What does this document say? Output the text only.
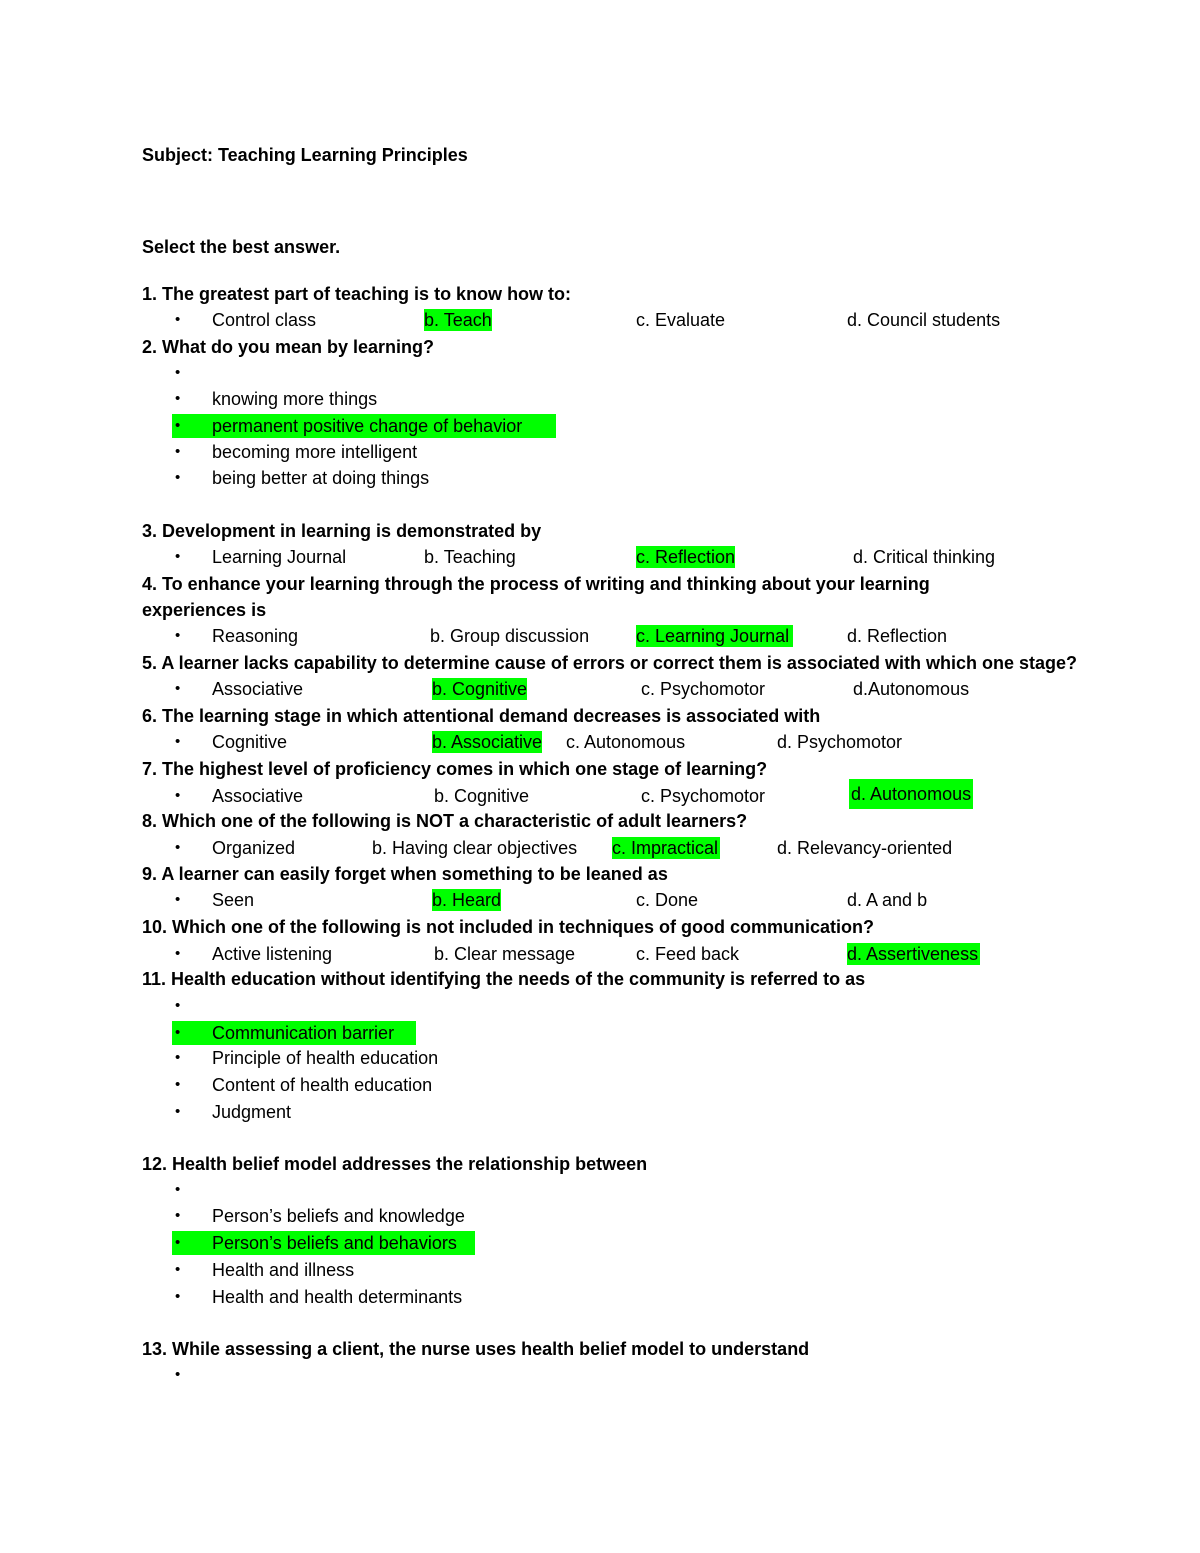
Subject: Teaching Learning Principles
Select the best answer.
1. The greatest part of teaching is to know how to:
• Control class	b. Teach	c. Evaluate	d. Council students
2. What do you mean by learning?
•
• knowing more things
• permanent positive change of behavior
• becoming more intelligent
• being better at doing things
3. Development in learning is demonstrated by
• Learning Journal	b. Teaching	c. Reflection	d. Critical thinking
4. To enhance your learning through the process of writing and thinking about your learning
experiences is
• Reasoning	b. Group discussion	c. Learning Journal	d. Reflection
5. A learner lacks capability to determine cause of errors or correct them is associated with which one stage?
• Associative	b. Cognitive	c. Psychomotor	d.Autonomous
6. The learning stage in which attentional demand decreases is associated with
• Cognitive	b. Associative c. Autonomous	d. Psychomotor
7. The highest level of proficiency comes in which one stage of learning?
• Associative	b. Cognitive	c. Psychomotor	d. Autonomous
8. Which one of the following is NOT a characteristic of adult learners?
• Organized	b. Having clear objectives c. Impractical	d. Relevancy-oriented
9. A learner can easily forget when something to be leaned as
• Seen	b. Heard	c. Done	d. A and b
10. Which one of the following is not included in techniques of good communication?
• Active listening	b. Clear message	c. Feed back	d. Assertiveness
11. Health education without identifying the needs of the community is referred to as
•
• Communication barrier
• Principle of health education
• Content of health education
• Judgment
12. Health belief model addresses the relationship between
•
• Person’s beliefs and knowledge
• Person’s beliefs and behaviors
• Health and illness
• Health and health determinants
13. While assessing a client, the nurse uses health belief model to understand
•
